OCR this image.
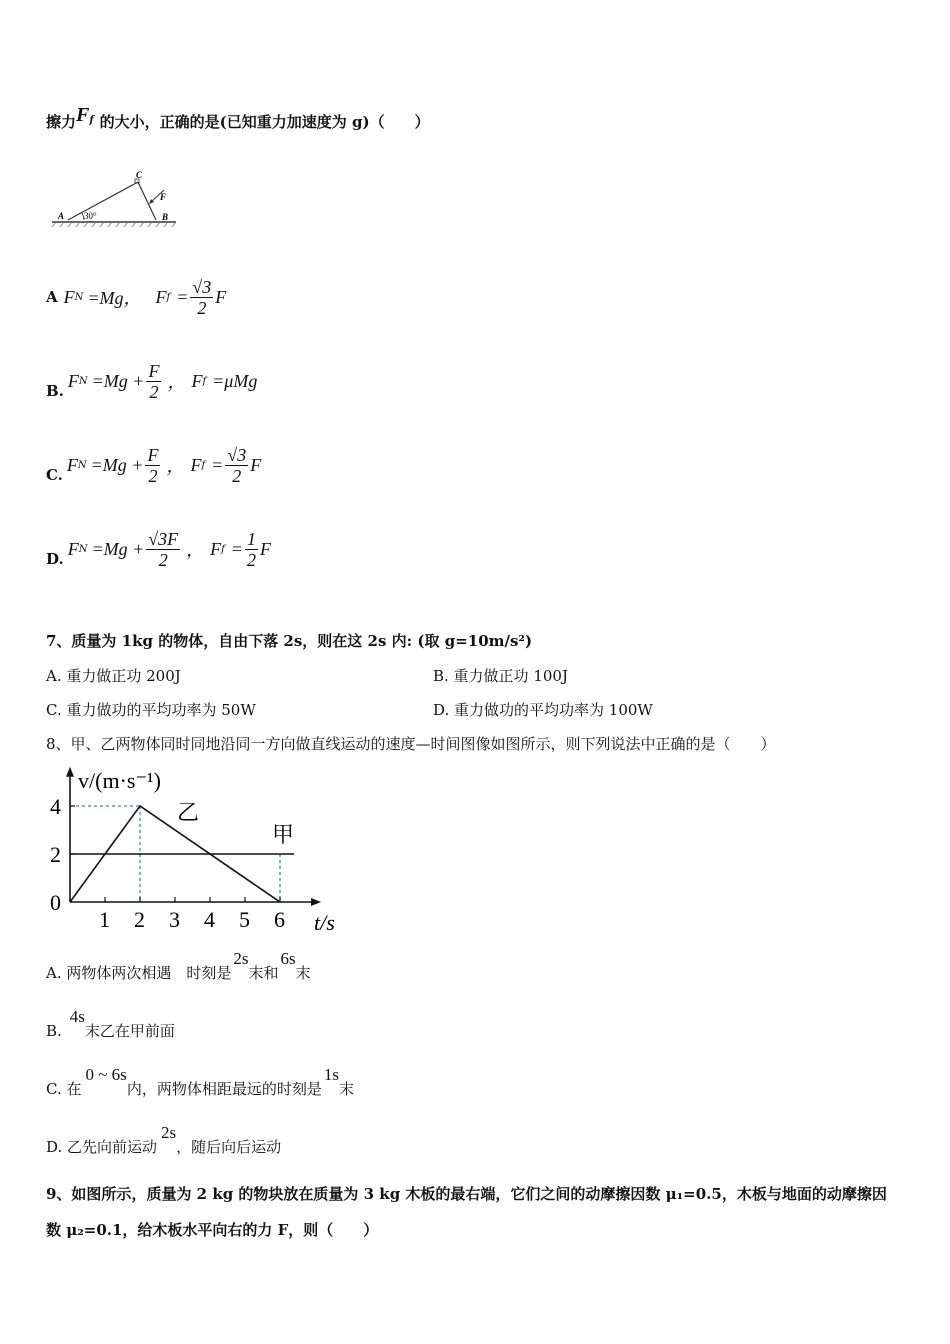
擦力$F^f$ 的大小，正确的是(已知重力加速度为 g)（　　）
A 30°
C
F
B
A F N =Mg， F $f = \frac{√3}{2}$ F
B.
F $N =Mg + \frac{F}{2}$ ， F f =μMg
C.
F $N =Mg + \frac{F}{2}$ ， F $f = \frac{√3}{2}$ F
D.
F $N =Mg + \frac{√3F}{2}$ ， F $f = \frac{1}{2}$ F
7、质量为 1kg 的物体，自由下落 2s，则在这 2s 内: (取 g=10m/s²)
A. 重力做正功 200J	B. 重力做正功 100J
C. 重力做功的平均功率为 50W	D. 重力做功的平均功率为 100W
8、甲、乙两物体同时同地沿同一方向做直线运动的速度—时间图像如图所示，则下列说法中正确的是（　　）
1 2 3 4 5 6
2
4
v/(m·s⁻¹)
t/s
乙
甲
0
A. 两物体两次相遇　时刻是2s末和6s末
B.4s末乙在甲前面
C. 在0 ~ 6s内，两物体相距最远的时刻是1s末
D. 乙先向前运动2s，随后向后运动
9、如图所示，质量为 2 kg 的物块放在质量为 3 kg 木板的最右端，它们之间的动摩擦因数 μ₁=0.5，木板与地面的动摩擦因
数 μ₂=0.1，给木板水平向右的力 F，则（　　）
